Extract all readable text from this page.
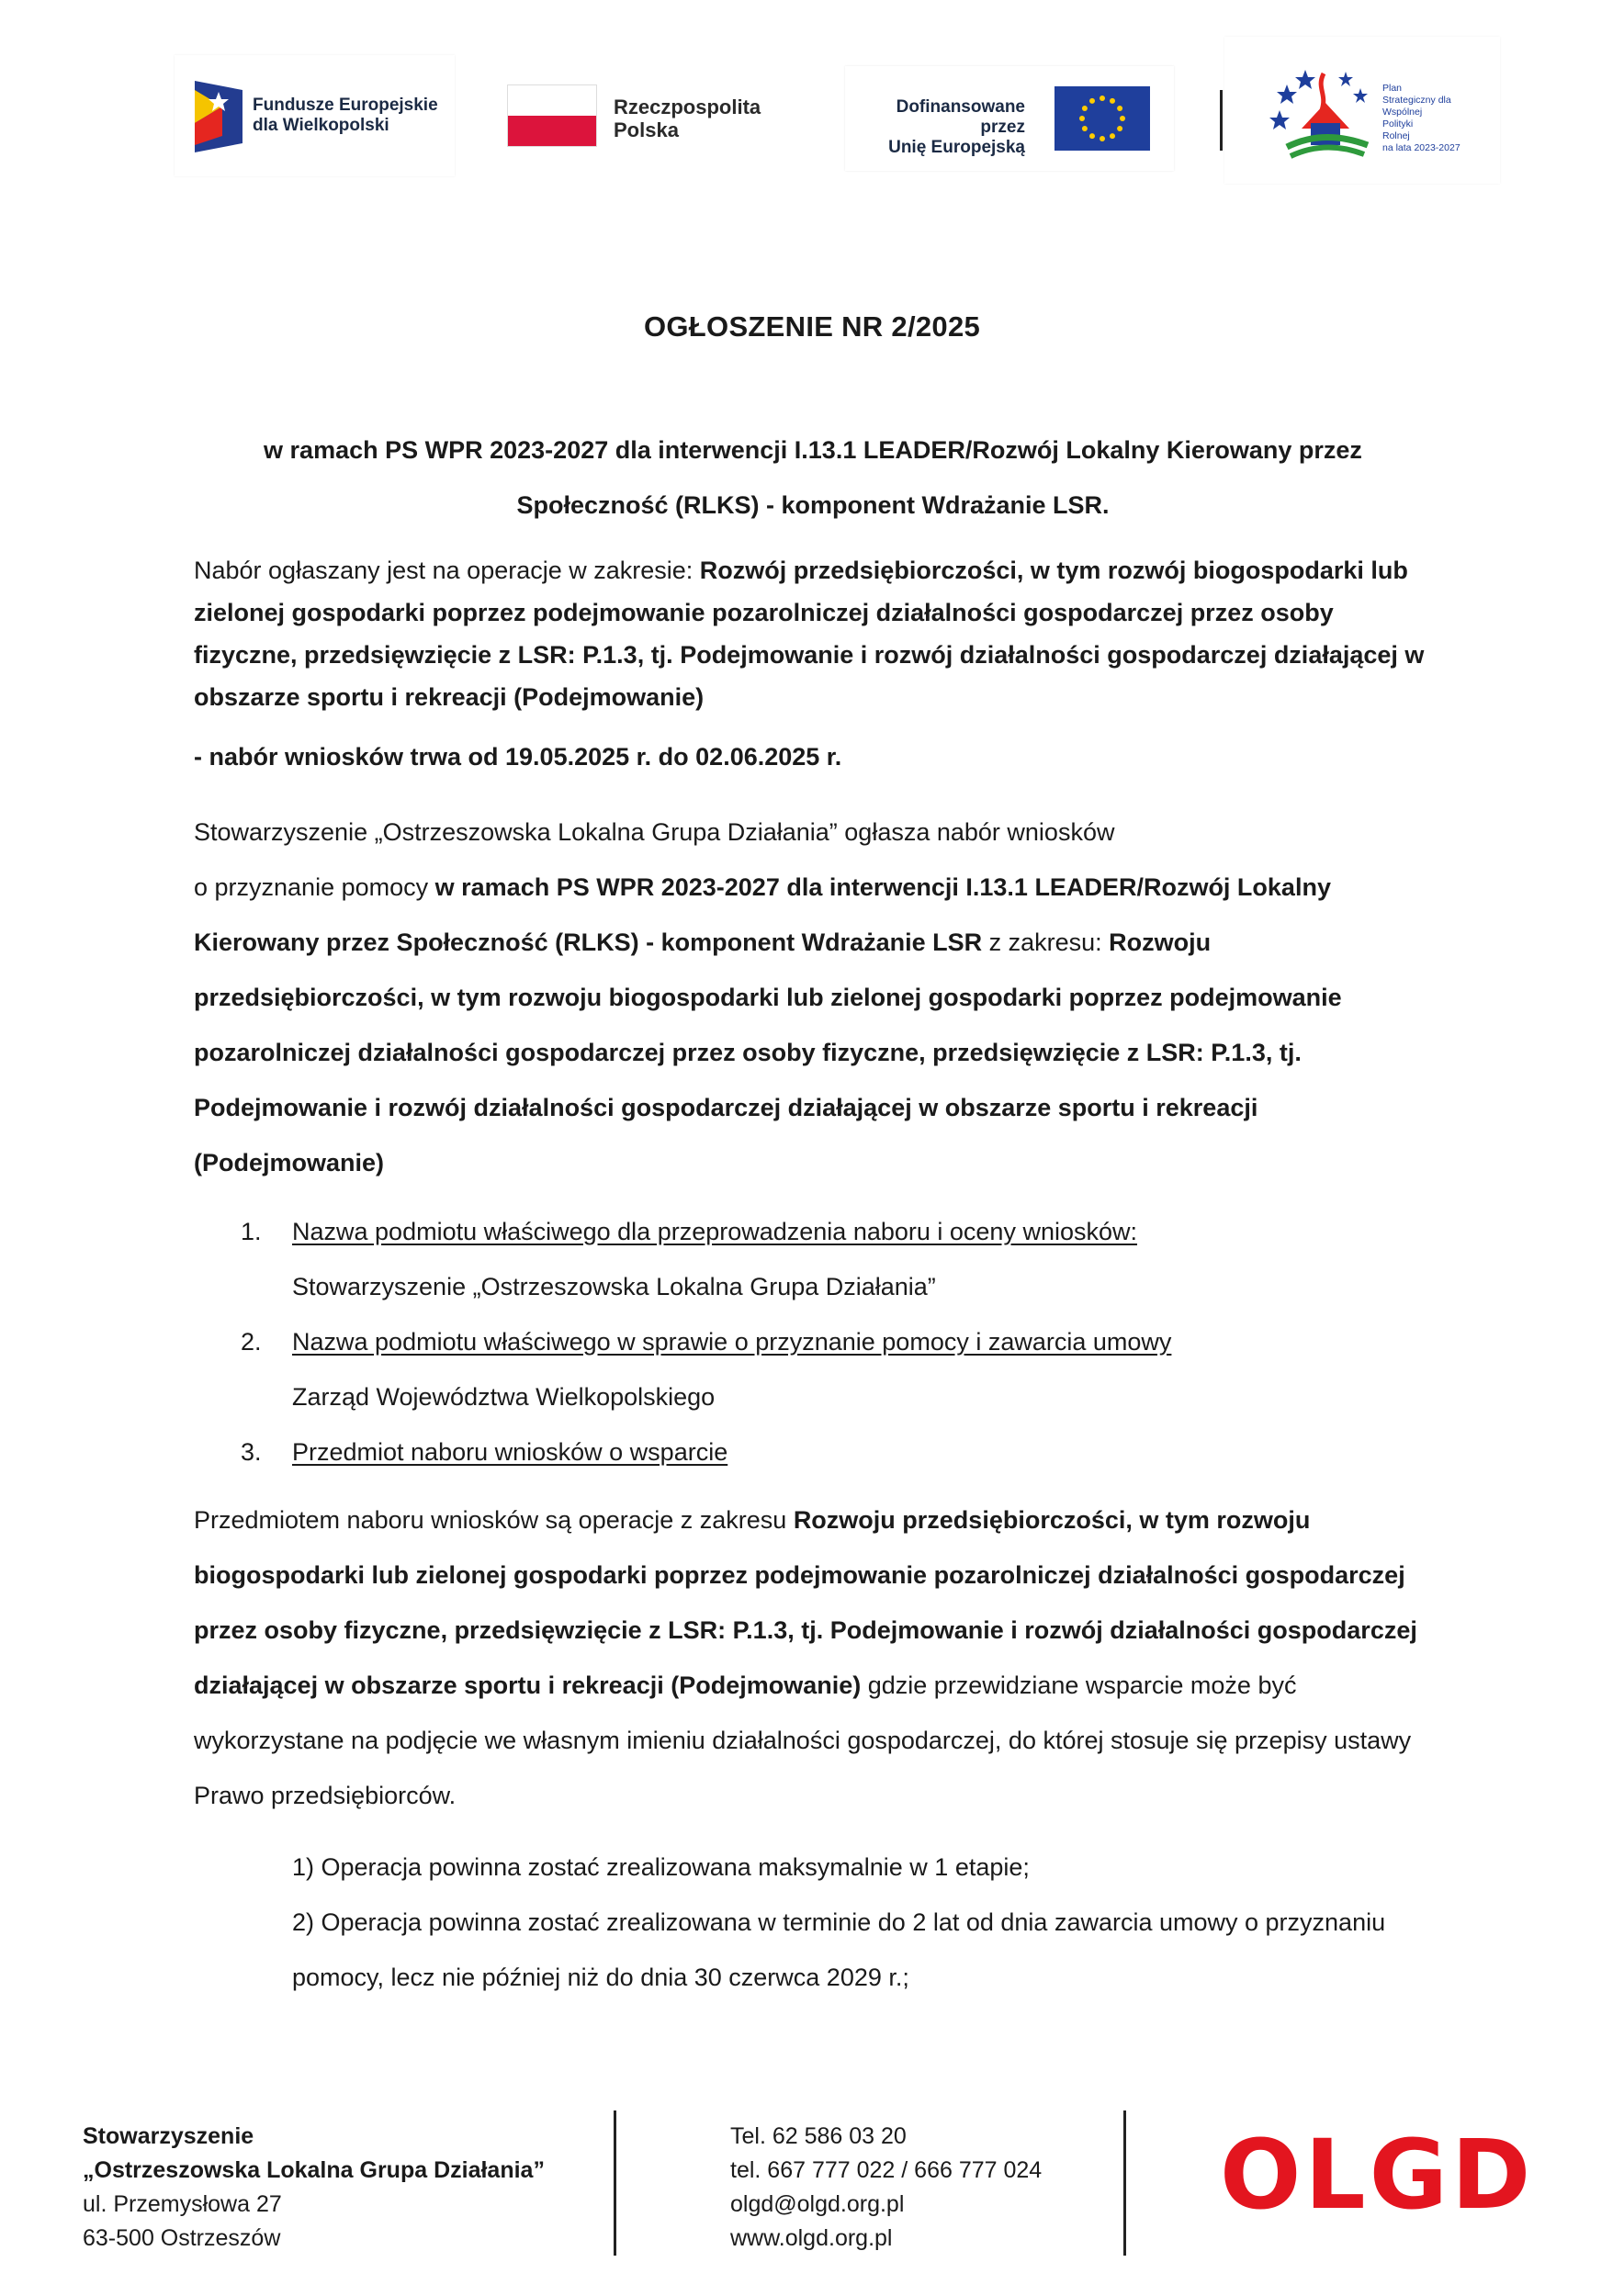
Fundusze Europejskie
dla Wielkopolski
Rzeczpospolita
Polska
Dofinansowane przez
Unię Europejską
Plan
Strategiczny dla
Wspólnej
Polityki
Rolnej
na lata 2023-2027
OGŁOSZENIE NR 2/2025
w ramach PS WPR 2023-2027 dla interwencji I.13.1 LEADER/Rozwój Lokalny Kierowany przez
Społeczność (RLKS) - komponent Wdrażanie LSR.

Nabór ogłaszany jest na operacje w zakresie: Rozwój przedsiębiorczości, w tym rozwój biogospodarki lub zielonej gospodarki poprzez podejmowanie pozarolniczej działalności gospodarczej przez osoby fizyczne, przedsięwzięcie z LSR: P.1.3, tj. Podejmowanie i rozwój działalności gospodarczej działającej w obszarze sportu i rekreacji (Podejmowanie)

- nabór wniosków trwa od 19.05.2025 r. do 02.06.2025 r.

Stowarzyszenie „Ostrzeszowska Lokalna Grupa Działania” ogłasza nabór wniosków
o przyznanie pomocy w ramach PS WPR 2023-2027 dla interwencji I.13.1 LEADER/Rozwój Lokalny Kierowany przez Społeczność (RLKS) - komponent Wdrażanie LSR z zakresu: Rozwoju przedsiębiorczości, w tym rozwoju biogospodarki lub zielonej gospodarki poprzez podejmowanie pozarolniczej działalności gospodarczej przez osoby fizyczne, przedsięwzięcie z LSR: P.1.3, tj. Podejmowanie i rozwój działalności gospodarczej działającej w obszarze sportu i rekreacji (Podejmowanie)

1.	Nazwa podmiotu właściwego dla przeprowadzenia naboru i oceny wniosków:
Stowarzyszenie „Ostrzeszowska Lokalna Grupa Działania”
2.	Nazwa podmiotu właściwego w sprawie o przyznanie pomocy i zawarcia umowy
Zarząd Województwa Wielkopolskiego
3.	Przedmiot naboru wniosków o wsparcie

Przedmiotem naboru wniosków są operacje z zakresu Rozwoju przedsiębiorczości, w tym rozwoju biogospodarki lub zielonej gospodarki poprzez podejmowanie pozarolniczej działalności gospodarczej przez osoby fizyczne, przedsięwzięcie z LSR: P.1.3, tj. Podejmowanie i rozwój działalności gospodarczej działającej w obszarze sportu i rekreacji (Podejmowanie) gdzie przewidziane wsparcie może być wykorzystane na podjęcie we własnym imieniu działalności gospodarczej, do której stosuje się przepisy ustawy Prawo przedsiębiorców.

1) Operacja powinna zostać zrealizowana maksymalnie w 1 etapie;
2) Operacja powinna zostać zrealizowana w terminie do 2 lat od dnia zawarcia umowy o przyznaniu pomocy, lecz nie później niż do dnia 30 czerwca 2029 r.;
Stowarzyszenie
„Ostrzeszowska Lokalna Grupa Działania”
ul. Przemysłowa 27
63-500 Ostrzeszów
Tel. 62 586 03 20
tel. 667 777 022 / 666 777 024
olgd@olgd.org.pl
www.olgd.org.pl
OLGD
